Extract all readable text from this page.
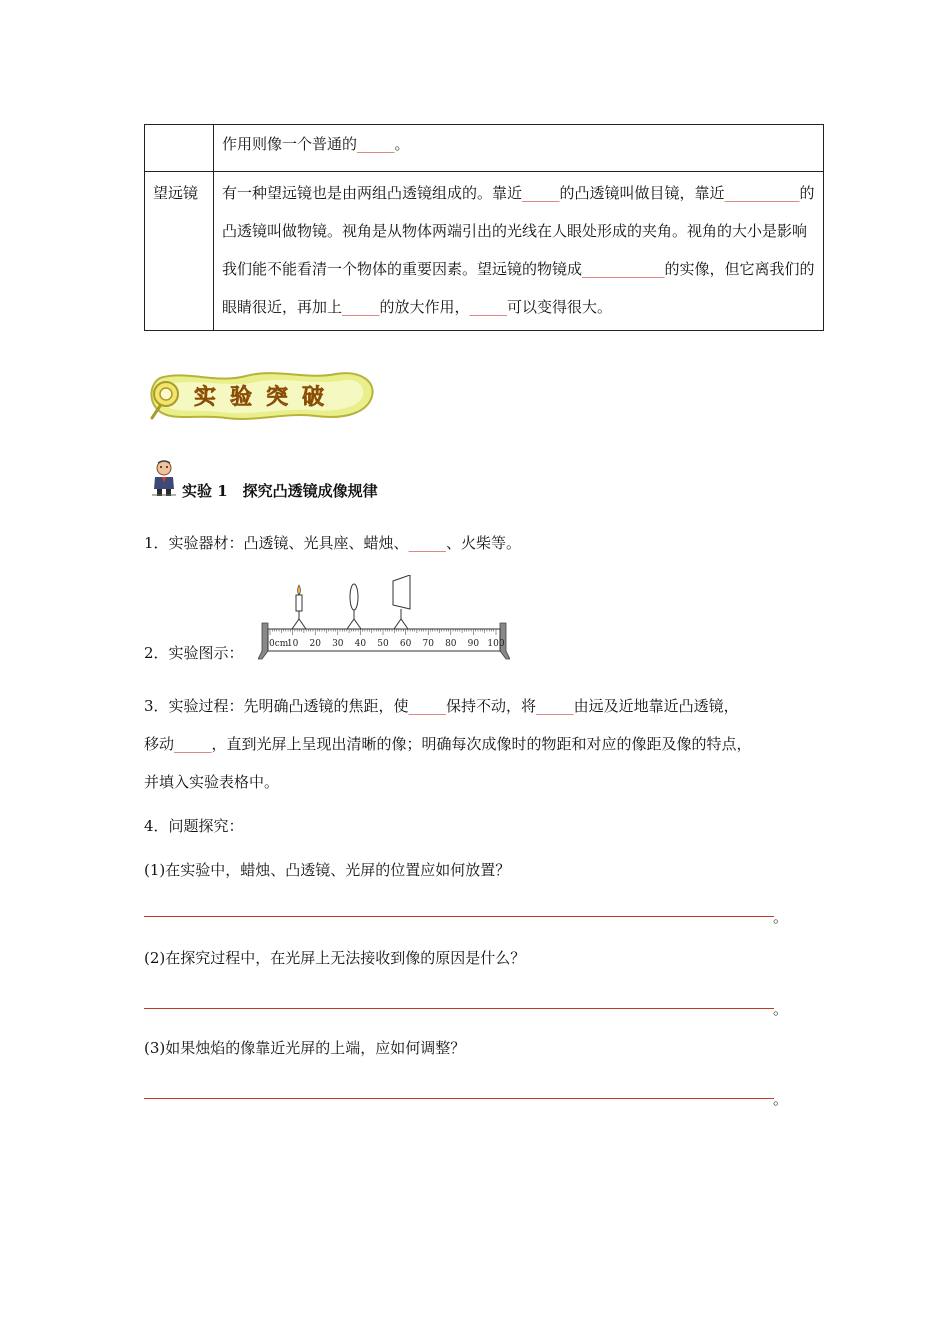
	作用则像一个普通的_____。
望远镜	有一种望远镜也是由两组凸透镜组成的。靠近_____的凸透镜叫做目镜，靠近__________的凸透镜叫做物镜。视角是从物体两端引出的光线在人眼处形成的夹角。视角的大小是影响我们能不能看清一个物体的重要因素。望远镜的物镜成___________的实像，但它离我们的眼睛很近，再加上_____的放大作用，_____可以变得很大。
实验突破
实验 1　探究凸透镜成像规律
1．实验器材：凸透镜、光具座、蜡烛、_____、火柴等。
2．实验图示：	0cm
10 20 30 40 50 60 70 80 90 100
3．实验过程：先明确凸透镜的焦距，使_____保持不动，将_____由远及近地靠近凸透镜，
移动_____，直到光屏上呈现出清晰的像；明确每次成像时的物距和对应的像距及像的特点，
并填入实验表格中。
4．问题探究：
(1)在实验中，蜡烛、凸透镜、光屏的位置应如何放置？
。
(2)在探究过程中，在光屏上无法接收到像的原因是什么？
。
(3)如果烛焰的像靠近光屏的上端，应如何调整？
。
